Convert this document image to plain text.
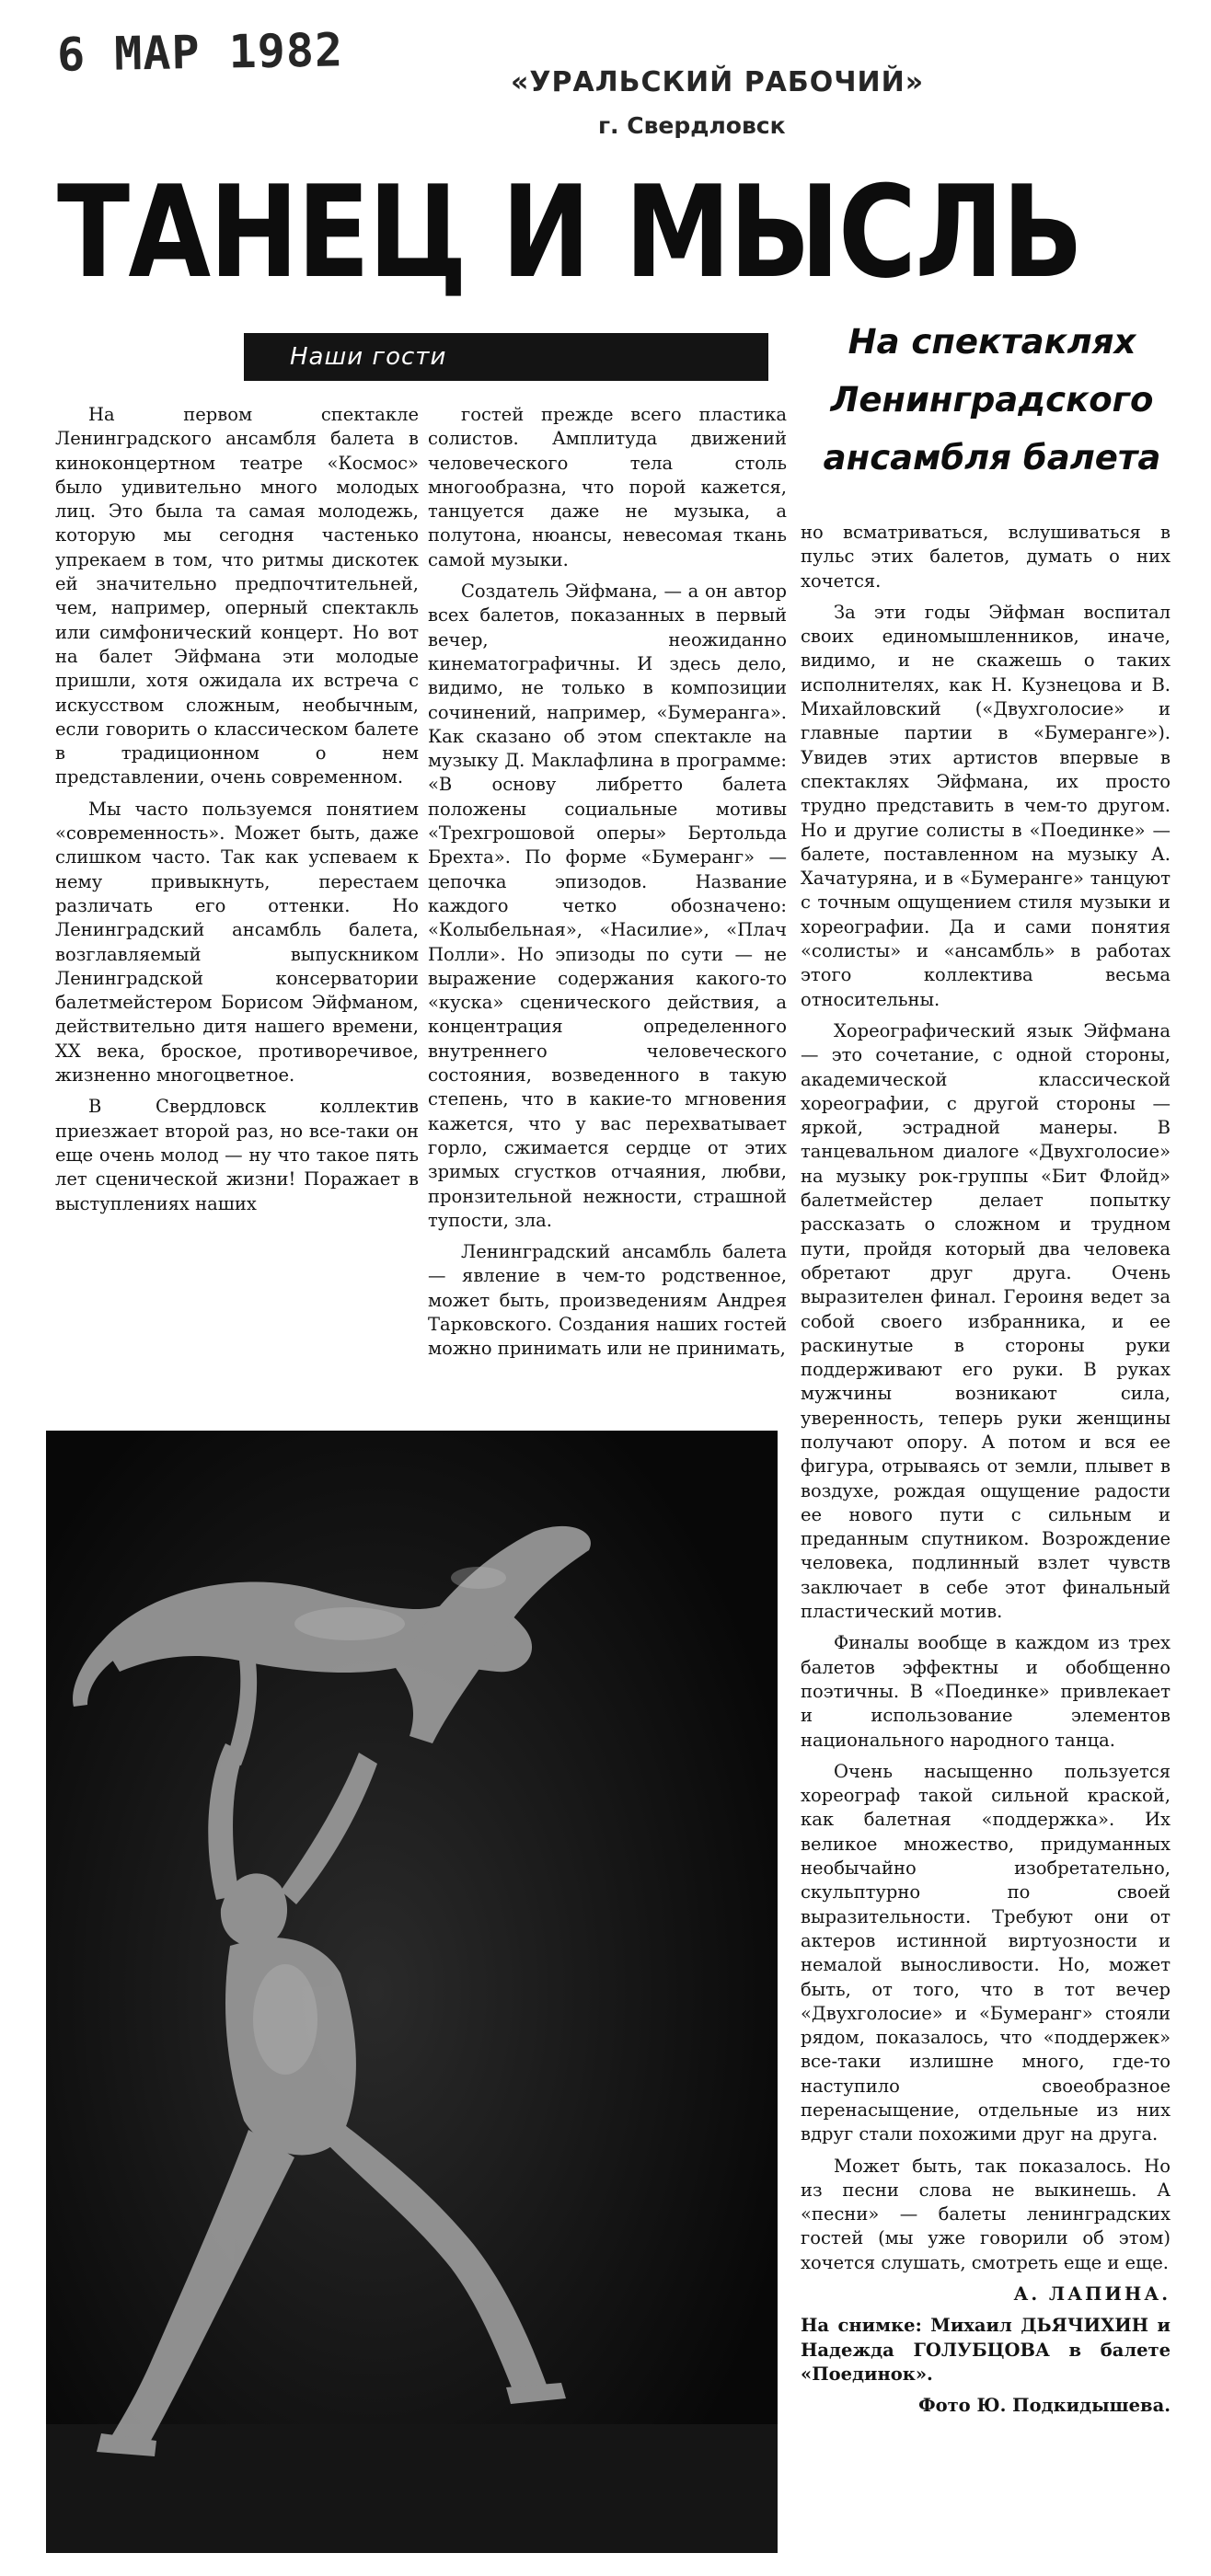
6 МАР 1982
«УРАЛЬСКИЙ РАБОЧИЙ»
г. Свердловск
ТАНЕЦ И МЫСЛЬ
Наши гости	На спектаклях Ленинградского ансамбля балета

На первом спектакле Ленинградского ансамбля балета в киноконцертном театре «Космос» было удивительно много молодых лиц. Это была та самая молодежь, которую мы сегодня частенько упрекаем в том, что ритмы дискотек ей значительно предпочтительней, чем, например, оперный спектакль или симфонический концерт. Но вот на балет Эйфмана эти молодые пришли, хотя ожидала их встреча с искусством сложным, необычным, если говорить о классическом балете в традиционном о нем представлении, очень современном.

Мы часто пользуемся понятием «современность». Может быть, даже слишком часто. Так как успеваем к нему привыкнуть, перестаем различать его оттенки. Но Ленинградский ансамбль балета, возглавляемый выпускником Ленинградской консерватории балетмейстером Борисом Эйфманом, действительно дитя нашего времени, XX века, броское, противоречивое, жизненно многоцветное.

В Свердловск коллектив приезжает второй раз, но все-таки он еще очень молод — ну что такое пять лет сценической жизни! Поражает в выступлениях наших

гостей прежде всего пластика солистов. Амплитуда движений человеческого тела столь многообразна, что порой кажется, танцуется даже не музыка, а полутона, нюансы, невесомая ткань самой музыки.

Создатель Эйфмана, — а он автор всех балетов, показанных в первый вечер, неожиданно кинематографичны. И здесь дело, видимо, не только в композиции сочинений, например, «Бумеранга». Как сказано об этом спектакле на музыку Д. Маклафлина в программе: «В основу либретто балета положены социальные мотивы «Трехгрошовой оперы» Бертольда Брехта». По форме «Бумеранг» — цепочка эпизодов. Название каждого четко обозначено: «Колыбельная», «Насилие», «Плач Полли». Но эпизоды по сути — не выражение содержания какого-то «куска» сценического действия, а концентрация определенного внутреннего человеческого состояния, возведенного в такую степень, что в какие-то мгновения кажется, что у вас перехватывает горло, сжимается сердце от этих зримых сгустков отчаяния, любви, пронзительной нежности, страшной тупости, зла.

Ленинградский ансамбль балета — явление в чем-то родственное, может быть, произведениям Андрея Тарковского. Создания наших гостей можно принимать или не принимать,

но всматриваться, вслушиваться в пульс этих балетов, думать о них хочется.

За эти годы Эйфман воспитал своих единомышленников, иначе, видимо, и не скажешь о таких исполнителях, как Н. Кузнецова и В. Михайловский («Двухголосие» и главные партии в «Бумеранге»). Увидев этих артистов впервые в спектаклях Эйфмана, их просто трудно представить в чем-то другом. Но и другие солисты в «Поединке» — балете, поставленном на музыку А. Хачатуряна, и в «Бумеранге» танцуют с точным ощущением стиля музыки и хореографии. Да и сами понятия «солисты» и «ансамбль» в работах этого коллектива весьма относительны.

Хореографический язык Эйфмана — это сочетание, с одной стороны, академической классической хореографии, с другой стороны — яркой, эстрадной манеры. В танцевальном диалоге «Двухголосие» на музыку рок-группы «Бит Флойд» балетмейстер делает попытку рассказать о сложном и трудном пути, пройдя который два человека обретают друг друга. Очень выразителен финал. Героиня ведет за собой своего избранника, и ее раскинутые в стороны руки поддерживают его руки. В руках мужчины возникают сила, уверенность, теперь руки женщины получают опору. А потом и вся ее фигура, отрываясь от земли, плывет в воздухе, рождая ощущение радости ее нового пути с сильным и преданным спутником. Возрождение человека, подлинный взлет чувств заключает в себе этот финальный пластический мотив.

Финалы вообще в каждом из трех балетов эффектны и обобщенно поэтичны. В «Поединке» привлекает и использование элементов национального народного танца.

Очень насыщенно пользуется хореограф такой сильной краской, как балетная «поддержка». Их великое множество, придуманных необычайно изобретательно, скульптурно по своей выразительности. Требуют они от актеров истинной виртуозности и немалой выносливости. Но, может быть, от того, что в тот вечер «Двухголосие» и «Бумеранг» стояли рядом, показалось, что «поддержек» все-таки излишне много, где-то наступило своеобразное перенасыщение, отдельные из них вдруг стали похожими друг на друга.

Может быть, так показалось. Но из песни слова не выкинешь. А «песни» — балеты ленинградских гостей (мы уже говорили об этом) хочется слушать, смотреть еще и еще.

А. ЛАПИНА.

На снимке: Михаил ДЬЯЧИХИН и Надежда ГОЛУБЦОВА в балете «Поединок».

Фото Ю. Подкидышева.
